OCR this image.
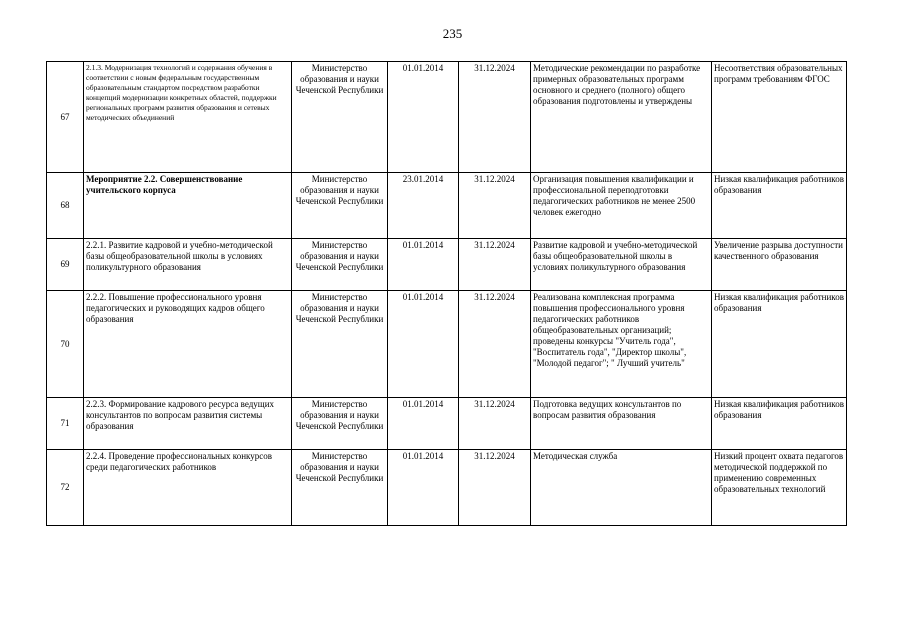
235
67	2.1.3. Модернизация технологий и содержания обучения в соответствии с новым федеральным государственным образовательным стандартом посредством разработки концепций модернизации конкретных областей, поддержки региональных программ развития образования и сетевых методических объединений	Министерство образования и науки Чеченской Республики	01.01.2014	31.12.2024	Методические рекомендации по разработке примерных образовательных программ основного и среднего (полного) общего образования подготовлены и утверждены	Несоответствия образовательных программ требованиям ФГОС
68	Мероприятие 2.2. Совершенствование учительского корпуса	Министерство образования и науки Чеченской Республики	23.01.2014	31.12.2024	Организация повышения квалификации и профессиональной переподготовки педагогических работников не менее 2500 человек ежегодно	Низкая квалификация работников образования
69	2.2.1. Развитие кадровой и учебно-методической базы общеобразовательной школы в условиях поликультурного образования	Министерство образования и науки Чеченской Республики	01.01.2014	31.12.2024	Развитие кадровой и учебно-методической базы общеобразовательной школы в условиях поликультурного образования	Увеличение разрыва доступности качественного образования
70	2.2.2. Повышение профессионального уровня педагогических и руководящих кадров общего образования	Министерство образования и науки Чеченской Республики	01.01.2014	31.12.2024	Реализована комплексная программа повышения профессионального уровня педагогических работников общеобразовательных организаций; проведены конкурсы "Учитель года", "Воспитатель года", "Директор школы", "Молодой педагог"; " Лучший учитель"	Низкая квалификация работников образования
71	2.2.3. Формирование кадрового ресурса ведущих консультантов по вопросам развития системы образования	Министерство образования и науки Чеченской Республики	01.01.2014	31.12.2024	Подготовка ведущих консультантов по вопросам развития образования	Низкая квалификация работников образования
72	2.2.4. Проведение профессиональных конкурсов среди педагогических работников	Министерство образования и науки Чеченской Республики	01.01.2014	31.12.2024	Методическая служба	Низкий процент охвата педагогов методической поддержкой по применению современных образовательных технологий
